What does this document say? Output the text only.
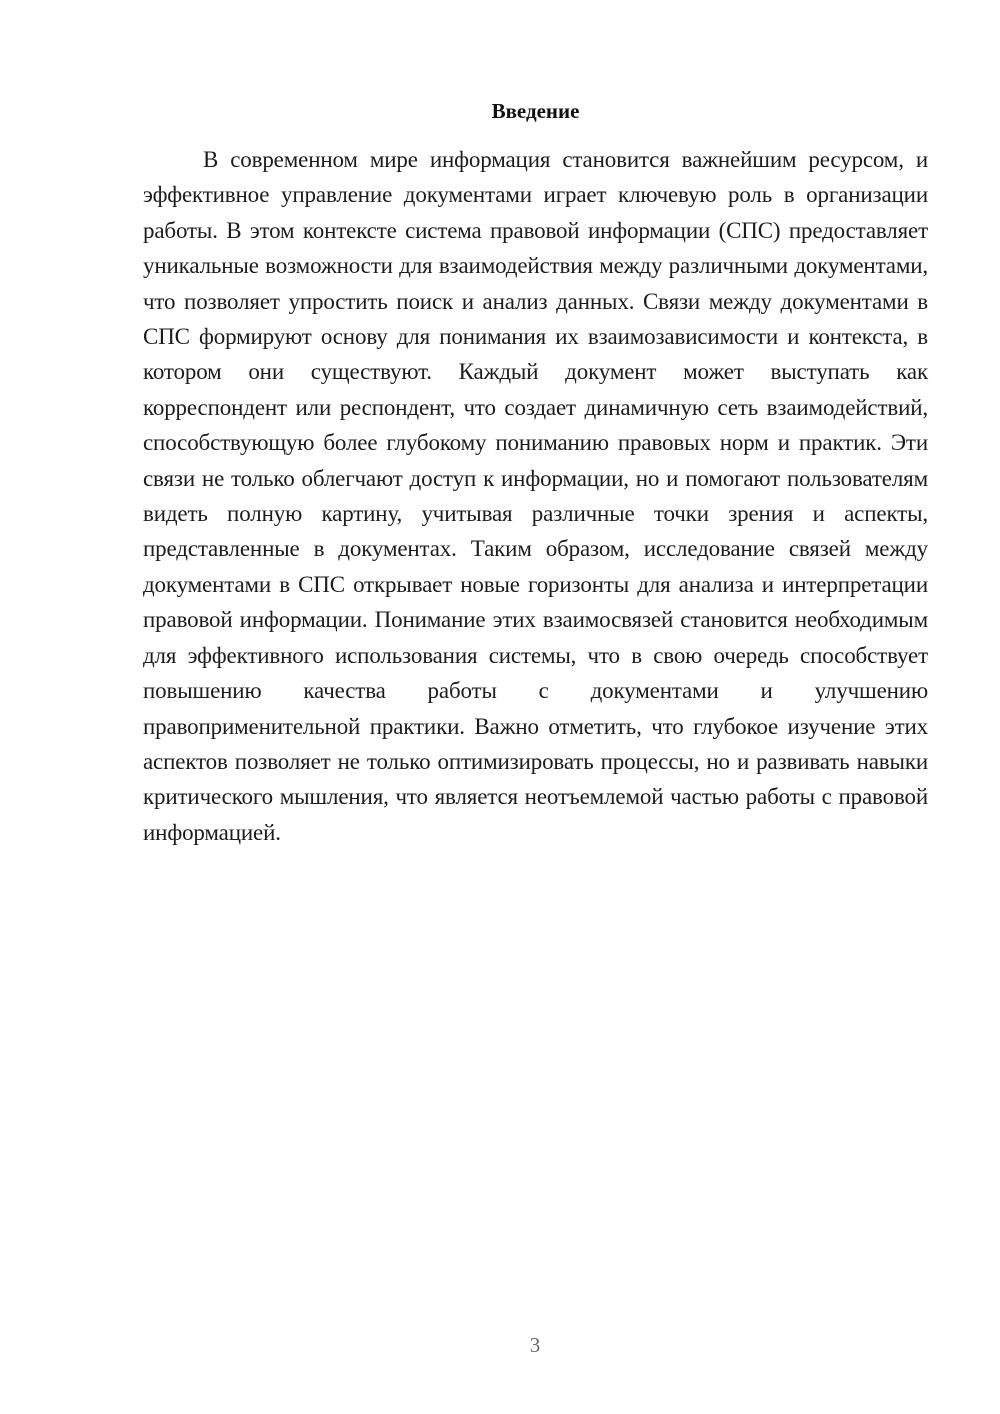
Введение

В современном мире информация становится важнейшим ресурсом, и эффективное управление документами играет ключевую роль в организации работы. В этом контексте система правовой информации (СПС) предоставляет уникальные возможности для взаимодействия между различными документами, что позволяет упростить поиск и анализ данных. Связи между документами в СПС формируют основу для понимания их взаимозависимости и контекста, в котором они существуют. Каждый документ может выступать как корреспондент или респондент, что создает динамичную сеть взаимодействий, способствующую более глубокому пониманию правовых норм и практик. Эти связи не только облегчают доступ к информации, но и помогают пользователям видеть полную картину, учитывая различные точки зрения и аспекты, представленные в документах. Таким образом, исследование связей между документами в СПС открывает новые горизонты для анализа и интерпретации правовой информации. Понимание этих взаимосвязей становится необходимым для эффективного использования системы, что в свою очередь способствует повышению качества работы с документами и улучшению правоприменительной практики. Важно отметить, что глубокое изучение этих аспектов позволяет не только оптимизировать процессы, но и развивать навыки критического мышления, что является неотъемлемой частью работы с правовой информацией.

3
